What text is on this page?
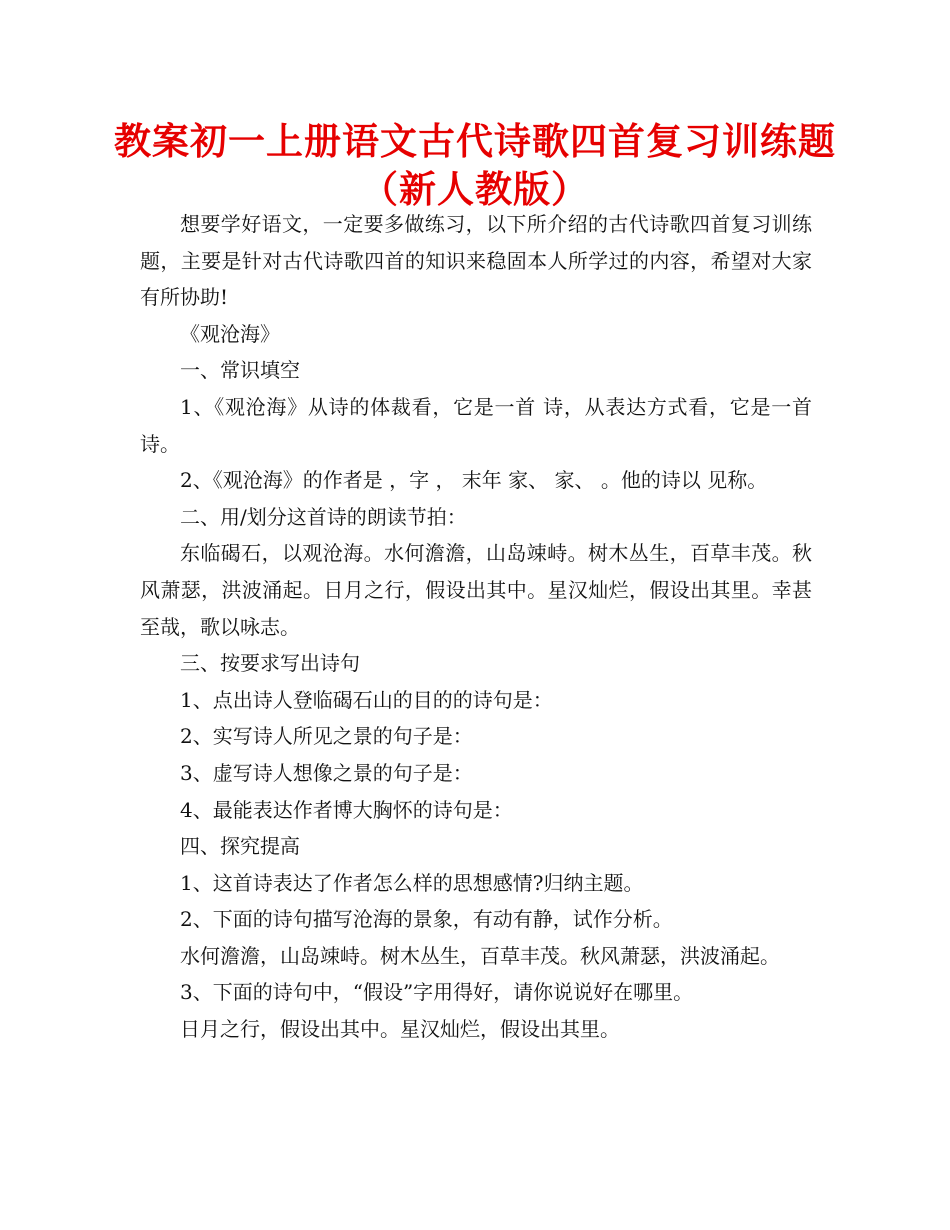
教案初一上册语文古代诗歌四首复习训练题（新人教版）

想要学好语文，一定要多做练习，以下所介绍的古代诗歌四首复习训练题，主要是针对古代诗歌四首的知识来稳固本人所学过的内容，希望对大家有所协助!

《观沧海》

一、常识填空

1、《观沧海》从诗的体裁看，它是一首 诗，从表达方式看，它是一首 诗。

2、《观沧海》的作者是 ，字 ， 末年 家、 家、 。他的诗以 见称。

二、用/划分这首诗的朗读节拍：

东临碣石，以观沧海。水何澹澹，山岛竦峙。树木丛生，百草丰茂。秋风萧瑟，洪波涌起。日月之行，假设出其中。星汉灿烂，假设出其里。幸甚至哉，歌以咏志。

三、按要求写出诗句

1、点出诗人登临碣石山的目的的诗句是：

2、实写诗人所见之景的句子是：

3、虚写诗人想像之景的句子是：

4、最能表达作者博大胸怀的诗句是：

四、探究提高

1、这首诗表达了作者怎么样的思想感情?归纳主题。

2、下面的诗句描写沧海的景象，有动有静，试作分析。

水何澹澹，山岛竦峙。树木丛生，百草丰茂。秋风萧瑟，洪波涌起。

3、下面的诗句中，“假设”字用得好，请你说说好在哪里。

日月之行，假设出其中。星汉灿烂，假设出其里。
